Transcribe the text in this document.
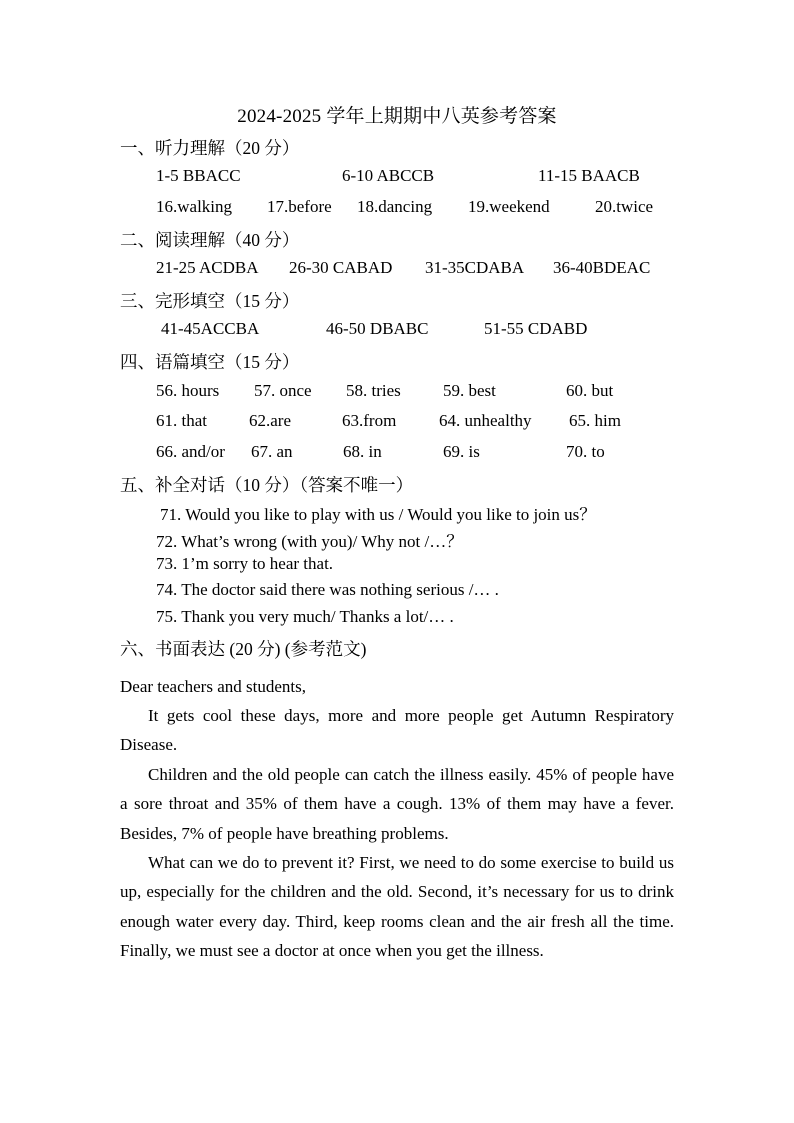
2024-2025 学年上期期中八英参考答案
一、听力理解（20 分）
1-5 BBACC	6-10 ABCCB	11-15 BAACB
16.walking 17.before 18.dancing 19.weekend	20.twice
二、阅读理解（40 分）
21-25 ACDBA 26-30 CABAD 31-35CDABA 36-40BDEAC
三、完形填空（15 分）
41-45ACCBA	46-50 DBABC	51-55 CDABD
四、语篇填空（15 分）
56. hours 57. once 58. tries 59. best	60. but
61. that 62.are	63.from	64. unhealthy 65. him
66. and/or 67. an	68. in	69. is	70. to
五、补全对话（10 分）（答案不唯一）
71. Would you like to play with us / Would you like to join us？
72. What’s wrong (with you)/ Why not /…？
73. 1’m sorry to hear that.
74. The doctor said there was nothing serious /… .
75. Thank you very much/ Thanks a lot/… .
六、书面表达 (20 分) (参考范文)
Dear teachers and students,
It gets cool these days, more and more people get Autumn Respiratory Disease.
Children and the old people can catch the illness easily. 45% of people have a sore throat and 35% of them have a cough. 13% of them may have a fever. Besides, 7% of people have breathing problems.
What can we do to prevent it? First, we need to do some exercise to build us up, especially for the children and the old. Second, it’s necessary for us to drink enough water every day. Third, keep rooms clean and the air fresh all the time. Finally, we must see a doctor at once when you get the illness.
